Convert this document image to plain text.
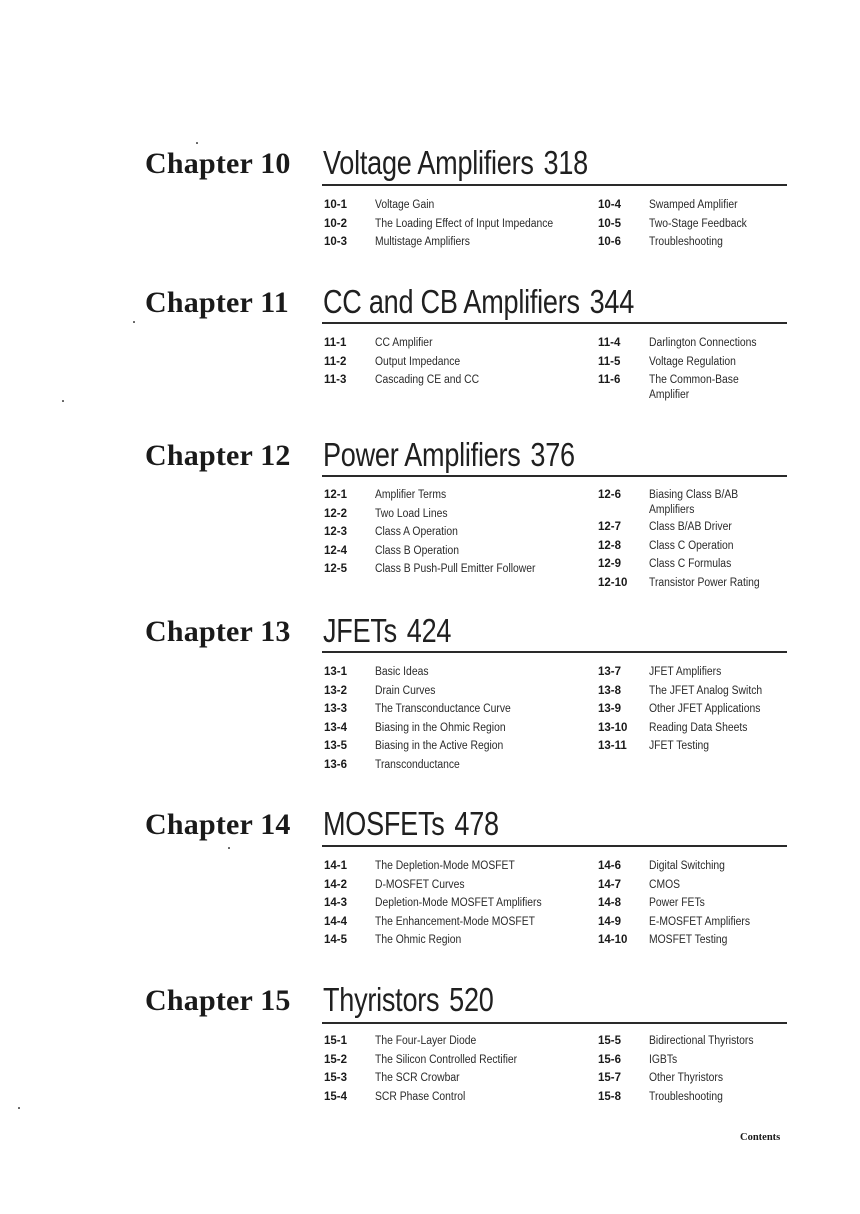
Chapter 10 Voltage Amplifiers 318
10-1 Voltage Gain
10-2 The Loading Effect of Input Impedance
10-3 Multistage Amplifiers
10-4 Swamped Amplifier
10-5 Two-Stage Feedback
10-6 Troubleshooting
Chapter 11 CC and CB Amplifiers 344
11-1 CC Amplifier
11-2 Output Impedance
11-3 Cascading CE and CC
11-4 Darlington Connections
11-5 Voltage Regulation
11-6 The Common-Base Amplifier
Chapter 12 Power Amplifiers 376
12-1 Amplifier Terms
12-2 Two Load Lines
12-3 Class A Operation
12-4 Class B Operation
12-5 Class B Push-Pull Emitter Follower
12-6 Biasing Class B/AB Amplifiers
12-7 Class B/AB Driver
12-8 Class C Operation
12-9 Class C Formulas
12-10 Transistor Power Rating
Chapter 13 JFETs 424
13-1 Basic Ideas
13-2 Drain Curves
13-3 The Transconductance Curve
13-4 Biasing in the Ohmic Region
13-5 Biasing in the Active Region
13-6 Transconductance
13-7 JFET Amplifiers
13-8 The JFET Analog Switch
13-9 Other JFET Applications
13-10 Reading Data Sheets
13-11 JFET Testing
Chapter 14 MOSFETs 478
14-1 The Depletion-Mode MOSFET
14-2 D-MOSFET Curves
14-3 Depletion-Mode MOSFET Amplifiers
14-4 The Enhancement-Mode MOSFET
14-5 The Ohmic Region
14-6 Digital Switching
14-7 CMOS
14-8 Power FETs
14-9 E-MOSFET Amplifiers
14-10 MOSFET Testing
Chapter 15 Thyristors 520
15-1 The Four-Layer Diode
15-2 The Silicon Controlled Rectifier
15-3 The SCR Crowbar
15-4 SCR Phase Control
15-5 Bidirectional Thyristors
15-6 IGBTs
15-7 Other Thyristors
15-8 Troubleshooting
Contents
